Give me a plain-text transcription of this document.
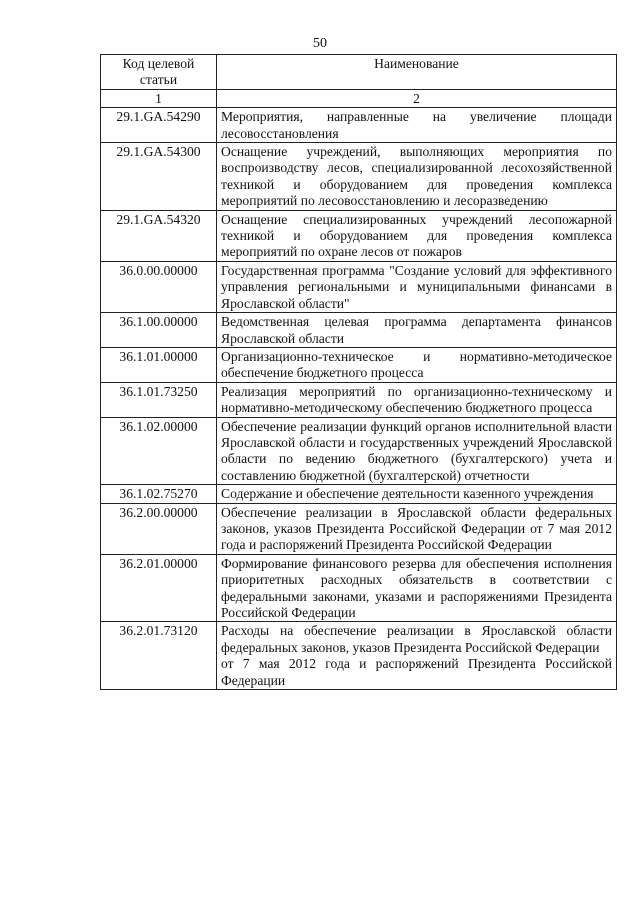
50
Код целевой статьи	Наименование
1	2
29.1.GA.54290	Мероприятия, направленные на увеличение площади лесовосстановления

29.1.GA.54300	Оснащение учреждений, выполняющих мероприятия по воспроизводству лесов, специализированной лесохозяйственной техникой и оборудованием для проведения комплекса мероприятий по лесовосстановлению и лесоразведению

29.1.GA.54320	Оснащение специализированных учреждений лесопожарной техникой и оборудованием для проведения комплекса мероприятий по охране лесов от пожаров

36.0.00.00000	Государственная программа "Создание условий для эффективного управления региональными и муниципальными финансами в Ярославской области"

36.1.00.00000	Ведомственная целевая программа департамента финансов Ярославской области

36.1.01.00000	Организационно-техническое и нормативно-методическое обеспечение бюджетного процесса

36.1.01.73250	Реализация мероприятий по организационно-техническому и нормативно-методическому обеспечению бюджетного процесса

36.1.02.00000	Обеспечение реализации функций органов исполнительной власти Ярославской области и государственных учреждений Ярославской области по ведению бюджетного (бухгалтерского) учета и составлению бюджетной (бухгалтерской) отчетности

36.1.02.75270	Содержание и обеспечение деятельности казенного учреждения

36.2.00.00000	Обеспечение реализации в Ярославской области федеральных законов, указов Президента Российской Федерации от 7 мая 2012 года и распоряжений Президента Российской Федерации

36.2.01.00000	Формирование финансового резерва для обеспечения исполнения приоритетных расходных обязательств в соответствии с федеральными законами, указами и распоряжениями Президента Российской Федерации

36.2.01.73120	Расходы на обеспечение реализации в Ярославской области федеральных законов, указов Президента Российской Федерации
от 7 мая 2012 года и распоряжений Президента Российской Федерации
